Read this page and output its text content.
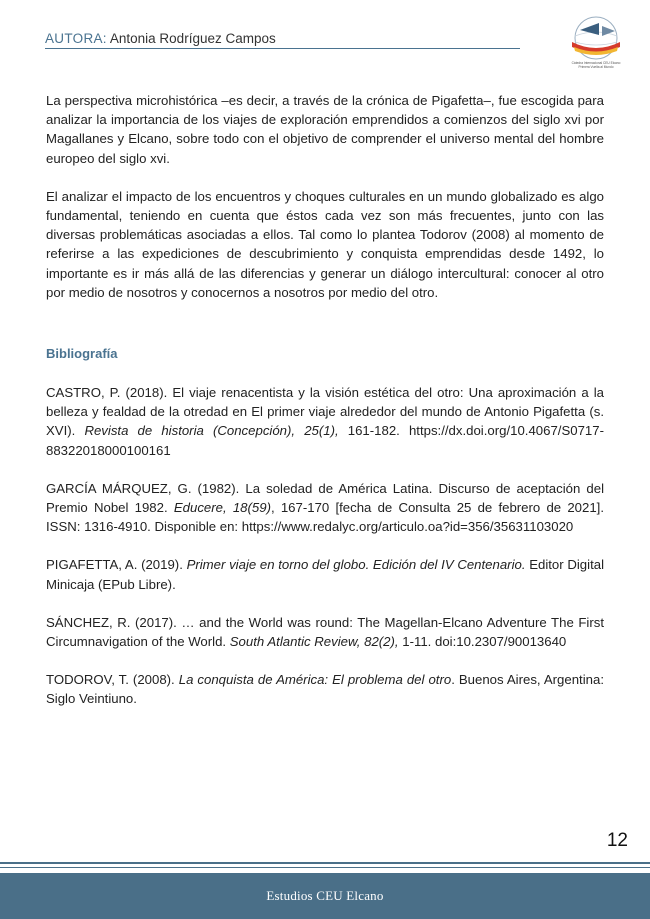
AUTORA: Antonia Rodríguez Campos
Cátedra Internacional CEU Elcano Primera Vuelta al Mundo

La perspectiva microhistórica –es decir, a través de la crónica de Pigafetta–, fue escogida para analizar la importancia de los viajes de exploración emprendidos a comienzos del siglo xvi por Magallanes y Elcano, sobre todo con el objetivo de comprender el universo mental del hombre europeo del siglo xvi.

El analizar el impacto de los encuentros y choques culturales en un mundo globalizado es algo fundamental, teniendo en cuenta que éstos cada vez son más frecuentes, junto con las diversas problemáticas asociadas a ellos. Tal como lo plantea Todorov (2008) al momento de referirse a las expediciones de descubrimiento y conquista emprendidas desde 1492, lo importante es ir más allá de las diferencias y generar un diálogo intercultural: conocer al otro por medio de nosotros y conocernos a nosotros por medio del otro.

Bibliografía

CASTRO, P. (2018). El viaje renacentista y la visión estética del otro: Una aproximación a la belleza y fealdad de la otredad en El primer viaje alrededor del mundo de Antonio Pigafetta (s. XVI). Revista de historia (Concepción), 25(1), 161-182. https://dx.doi.org/10.4067/S0717-88322018000100161

GARCÍA MÁRQUEZ, G. (1982). La soledad de América Latina. Discurso de aceptación del Premio Nobel 1982. Educere, 18(59), 167-170 [fecha de Consulta 25 de febrero de 2021]. ISSN: 1316-4910. Disponible en: https://www.redalyc.org/articulo.oa?id=356/35631103020

PIGAFETTA, A. (2019). Primer viaje en torno del globo. Edición del IV Centenario. Editor Digital Minicaja (EPub Libre).

SÁNCHEZ, R. (2017). … and the World was round: The Magellan-Elcano Adventure The First Circumnavigation of the World. South Atlantic Review, 82(2), 1-11. doi:10.2307/90013640

TODOROV, T. (2008). La conquista de América: El problema del otro. Buenos Aires, Argentina: Siglo Veintiuno.

12
Estudios CEU Elcano
